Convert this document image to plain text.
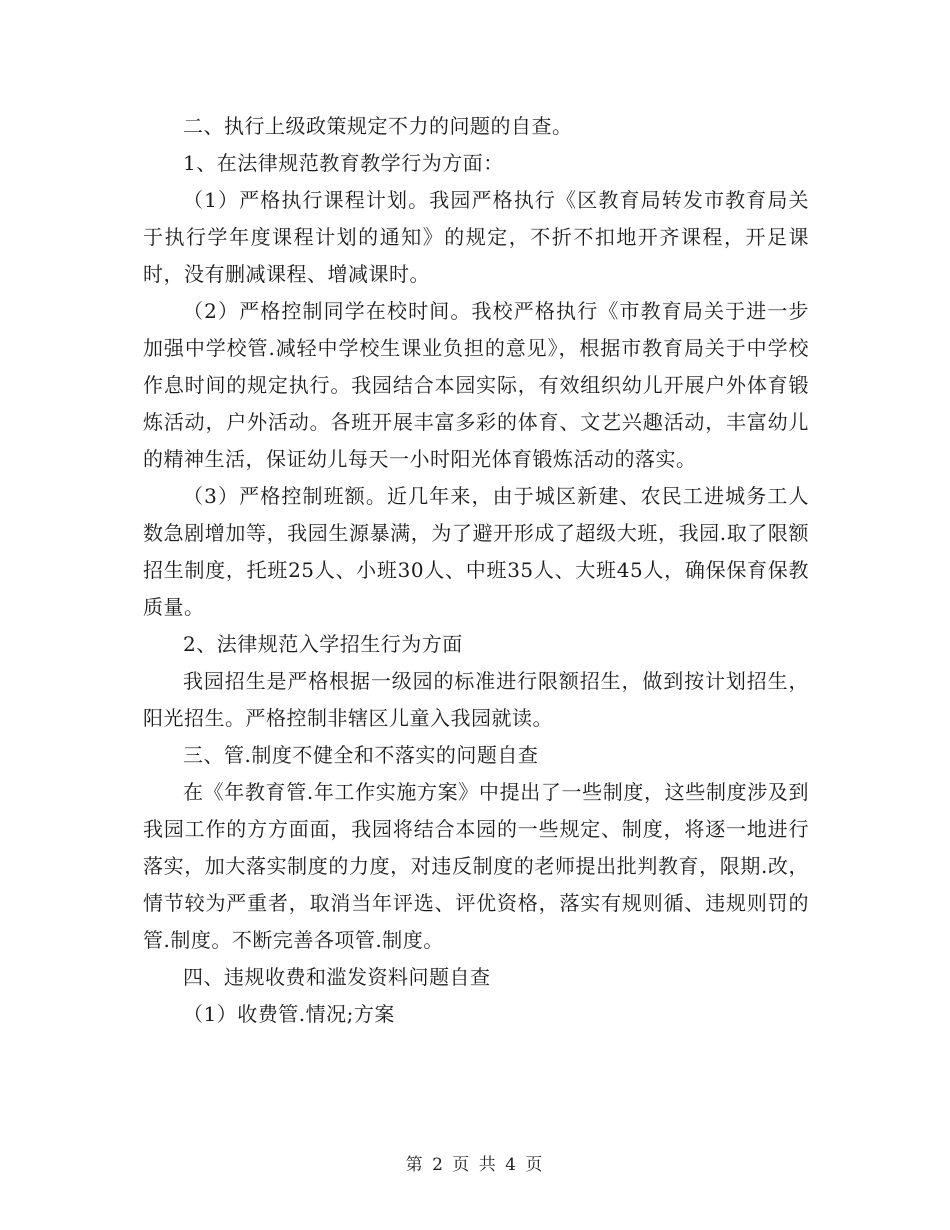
二、执行上级政策规定不力的问题的自查。

1、在法律规范教育教学行为方面：

（1）严格执行课程计划。我园严格执行《区教育局转发市教育局关于执行学年度课程计划的通知》的规定，不折不扣地开齐课程，开足课时，没有删减课程、增减课时。

（2）严格控制同学在校时间。我校严格执行《市教育局关于进一步加强中学校管.减轻中学校生课业负担的意见》，根据市教育局关于中学校作息时间的规定执行。我园结合本园实际，有效组织幼儿开展户外体育锻炼活动，户外活动。各班开展丰富多彩的体育、文艺兴趣活动，丰富幼儿的精神生活，保证幼儿每天一小时阳光体育锻炼活动的落实。

（3）严格控制班额。近几年来，由于城区新建、农民工进城务工人数急剧增加等，我园生源暴满，为了避开形成了超级大班，我园.取了限额招生制度，托班25人、小班30人、中班35人、大班45人，确保保育保教质量。

2、法律规范入学招生行为方面

我园招生是严格根据一级园的标准进行限额招生，做到按计划招生，阳光招生。严格控制非辖区儿童入我园就读。

三、管.制度不健全和不落实的问题自查

在《年教育管.年工作实施方案》中提出了一些制度，这些制度涉及到我园工作的方方面面，我园将结合本园的一些规定、制度，将逐一地进行落实，加大落实制度的力度，对违反制度的老师提出批判教育，限期.改，情节较为严重者，取消当年评选、评优资格，落实有规则循、违规则罚的管.制度。不断完善各项管.制度。

四、违规收费和滥发资料问题自查

（1）收费管.情况;方案

第 2 页 共 4 页
